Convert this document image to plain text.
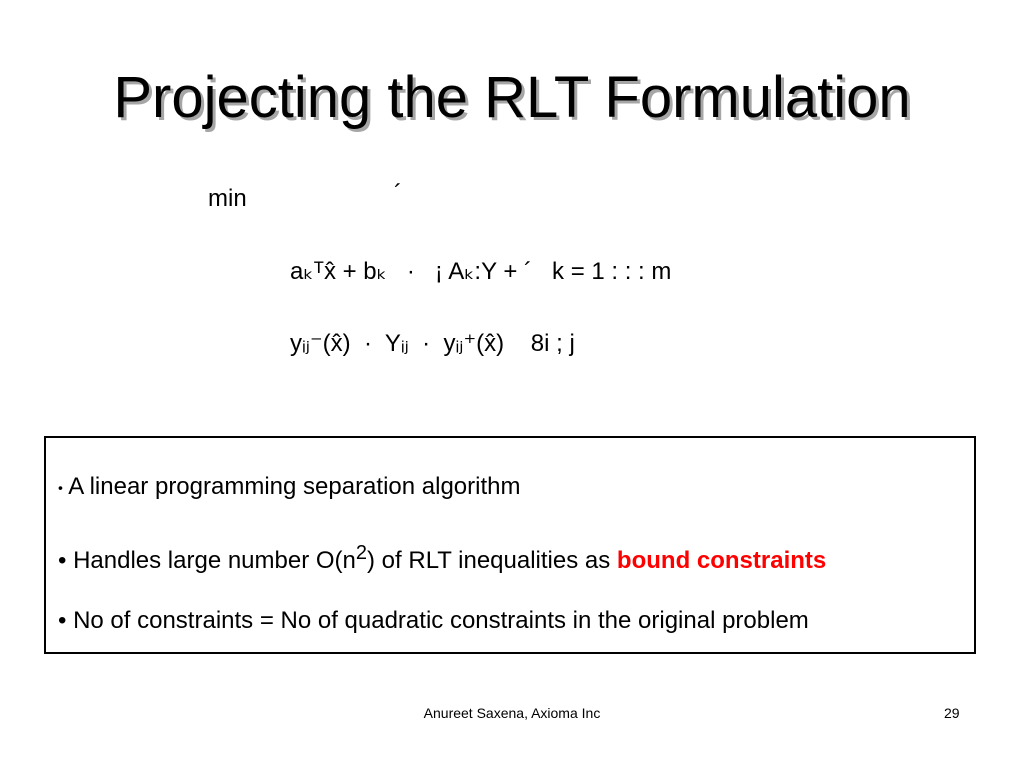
Projecting the RLT Formulation
min	´
aₖᵀx̂ + bₖ   ·   ¡ Aₖ:Y + ´   k = 1 : : : m
yᵢⱼ⁻(x̂)  ·  Yᵢⱼ  ·  yᵢⱼ⁺(x̂)    8i ; j
• A linear programming separation algorithm
• Handles large number $O(n^2)$ of RLT inequalities as bound constraints
• No of constraints = No of quadratic constraints in the original problem
Anureet Saxena, Axioma Inc	29
